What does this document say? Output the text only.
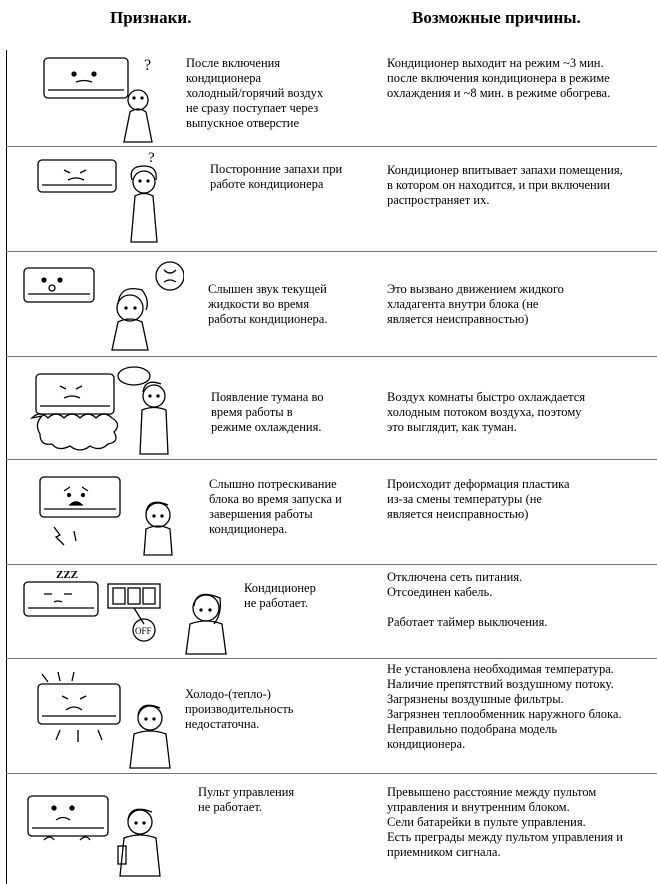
Признаки.	Возможные причины.
?	После включения
кондиционера
холодный/горячий воздух
не сразу поступает через
выпускное отверстие
Кондиционер выходит на режим ~3 мин.
после включения кондиционера в режиме
охлаждения и ~8 мин. в режиме обогрева.
?
Посторонние запахи при
работе кондиционера
Кондиционер впитывает запахи помещения,
в котором он находится, и при включении
распространяет их.
Слышен звук текущей
жидкости во время
работы кондиционера.
Это вызвано движением жидкого
хладагента внутри блока (не
является неисправностью)
Появление тумана во
время работы в
режиме охлаждения.
Воздух комнаты быстро охлаждается
холодным потоком воздуха, поэтому
это выглядит, как туман.
Слышно потрескивание
блока во время запуска и
завершения работы
кондиционера.
Происходит деформация пластика
из-за смены температуры (не
является неисправностью)
ZZZ
OFF
Кондиционер
не работает.
Отключена сеть питания.
Отсоединен кабель.
Работает таймер выключения.
Холодо-(тепло-)
производительность
недостаточна.
Не установлена необходимая температура.
Наличие препятствий воздушному потоку.
Загрязнены воздушные фильтры.
Загрязнен теплообменник наружного блока.
Неправильно подобрана модель
кондиционера.
Пульт управления
не работает.
Превышено расстояние между пультом
управления и внутренним блоком.
Сели батарейки в пульте управления.
Есть преграды между пультом управления и
приемником сигнала.
